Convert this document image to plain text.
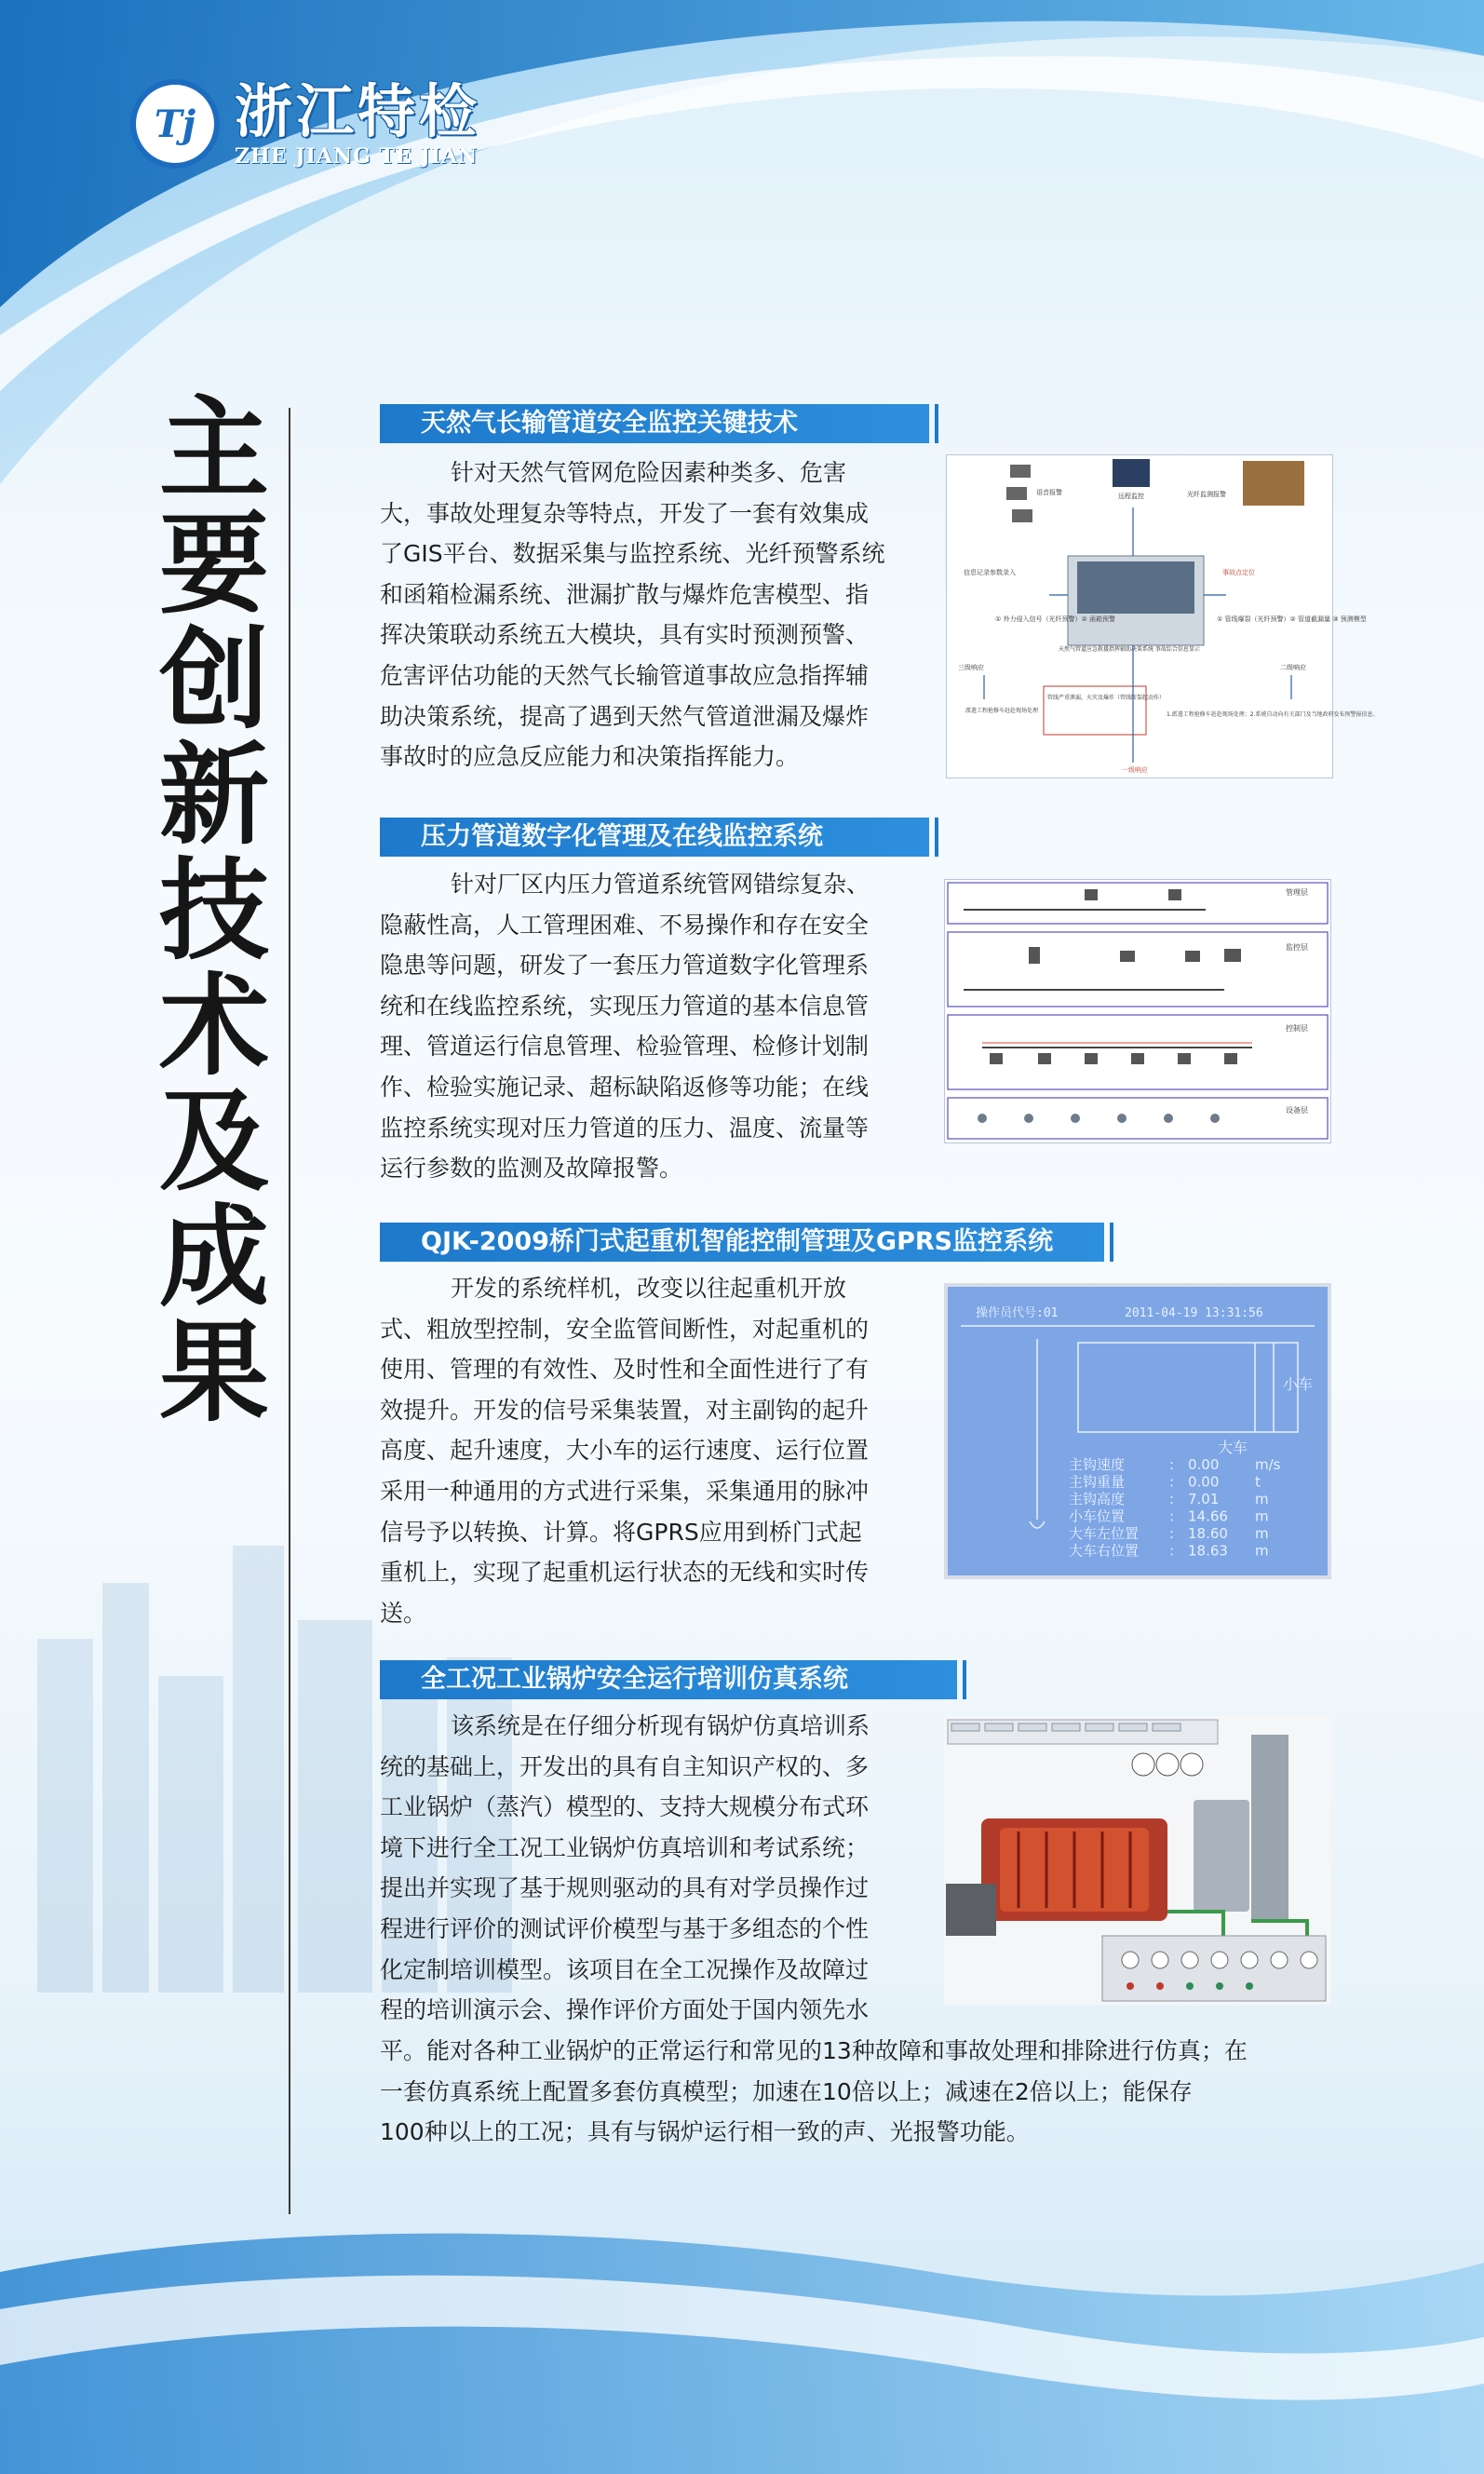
Tj 浙江特检
ZHE JIANG TE JIAN
主
要
创
新
技
术
及
成
果
天然气长输管道安全监控关键技术
针对天然气管网危险因素种类多、危害
大，事故处理复杂等特点，开发了一套有效集成
了GIS平台、数据采集与监控系统、光纤预警系统
和函箱检漏系统、泄漏扩散与爆炸危害模型、指
挥决策联动系统五大模块，具有实时预测预警、
危害评估功能的天然气长输管道事故应急指挥辅
助决策系统，提高了遇到天然气管道泄漏及爆炸
事故时的应急反应能力和决策指挥能力。
语音报警	远程监控	光纤监测报警
信息记录参数录入	事故点定位
① 外力侵入信号（光纤预警）② 函箱预警
天然气管道应急救援指挥辅助决策系统 事故综合信息显示
① 管线爆裂（光纤预警）② 管道截漏量 ③ 预测模型
三级响应	二级响应
管线严重泄漏，火灾及爆炸（管线断裂起动作）
派遣工程抢修车赶赴现场处理
1.派遣工程抢修车赶赴现场处理；2.系统自动向有关部门及当地政府发布预警报信息。
一级响应
压力管道数字化管理及在线监控系统
针对厂区内压力管道系统管网错综复杂、
隐蔽性高，人工管理困难、不易操作和存在安全
隐患等问题，研发了一套压力管道数字化管理系
统和在线监控系统，实现压力管道的基本信息管
理、管道运行信息管理、检验管理、检修计划制
作、检验实施记录、超标缺陷返修等功能；在线
监控系统实现对压力管道的压力、温度、流量等
运行参数的监测及故障报警。
管理层
监控层
控制层
设备层
QJK-2009桥门式起重机智能控制管理及GPRS监控系统
开发的系统样机，改变以往起重机开放
式、粗放型控制，安全监管间断性，对起重机的
使用、管理的有效性、及时性和全面性进行了有
效提升。开发的信号采集装置，对主副钩的起升
高度、起升速度，大小车的运行速度、运行位置
采用一种通用的方式进行采集，采集通用的脉冲
信号予以转换、计算。将GPRS应用到桥门式起
重机上，实现了起重机运行状态的无线和实时传
送。
操作员代号:01	2011-04-19 13:31:56
小车
大车
主钩速度	: 0.00	m/s
主钩重量	: 0.00	t
主钩高度	: 7.01	m
小车位置	: 14.66 m
大车左位置 : 18.60 m
大车右位置 : 18.63 m
全工况工业锅炉安全运行培训仿真系统
该系统是在仔细分析现有锅炉仿真培训系
统的基础上，开发出的具有自主知识产权的、多
工业锅炉（蒸汽）模型的、支持大规模分布式环
境下进行全工况工业锅炉仿真培训和考试系统；
提出并实现了基于规则驱动的具有对学员操作过
程进行评价的测试评价模型与基于多组态的个性
化定制培训模型。该项目在全工况操作及故障过
程的培训演示会、操作评价方面处于国内领先水
平。能对各种工业锅炉的正常运行和常见的13种故障和事故处理和排除进行仿真；在
一套仿真系统上配置多套仿真模型；加速在10倍以上；减速在2倍以上；能保存
100种以上的工况；具有与锅炉运行相一致的声、光报警功能。
